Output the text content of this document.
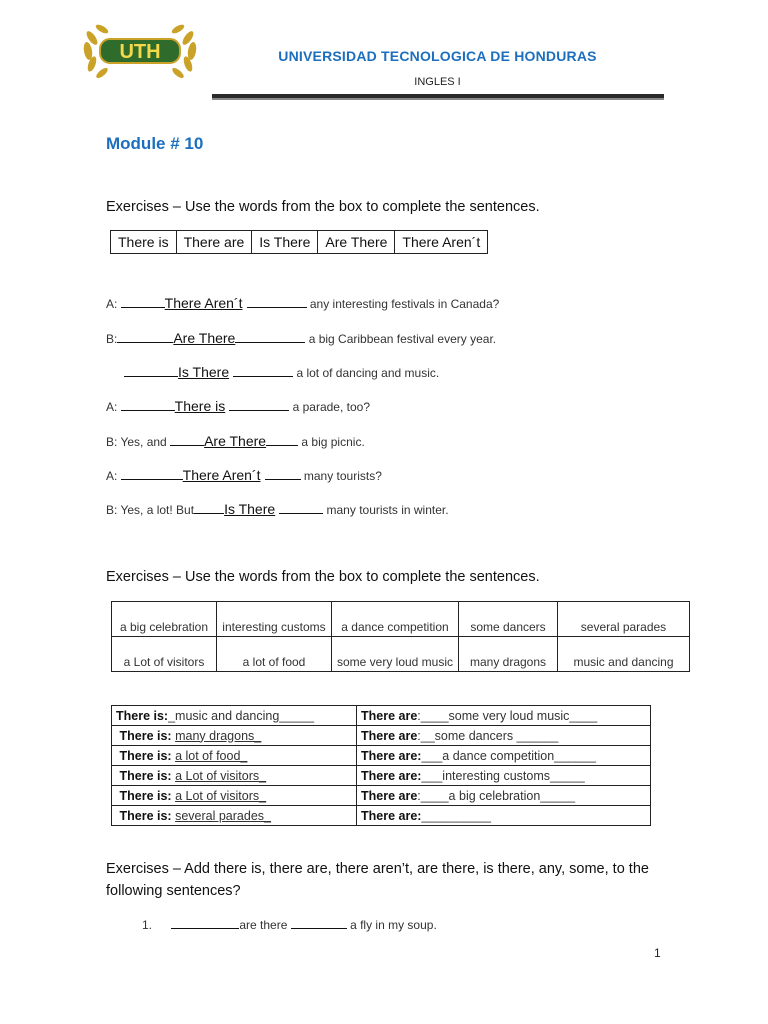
UTH	UNIVERSIDAD TECNOLOGICA DE HONDURAS
INGLES I
Module # 10
Exercises – Use the words from the box to complete the sentences.
There is	There are	Is There	Are There	There Aren´t
A:	There Aren´t	any interesting festivals in Canada?
B:	Are There	a big Caribbean festival every year.
Is There	a lot of dancing and music.
A:	There is	a parade, too?
B: Yes, and Are There	a big picnic.
A:	There Aren´t	many tourists?
B: Yes, a lot! But Is There	many tourists in winter.
Exercises – Use the words from the box to complete the sentences.
a big celebration	interesting customs	a dance competition	some dancers	several parades
a Lot of visitors	a lot of food	some very loud music	many dragons	music and dancing
There is:_music and dancing_____	There are:____some very loud music____
There is: many dragons_	There are:__some dancers ______
There is: a lot of food_	There are:___a dance competition______
There is: a Lot of visitors_	There are:___interesting customs_____
There is: a Lot of visitors_	There are:____a big celebration_____
There is: several parades_	There are:__________
Exercises – Add there is, there are, there aren’t, are there, is there, any, some, to the following sentences?
1.	are there	a fly in my soup.
1
